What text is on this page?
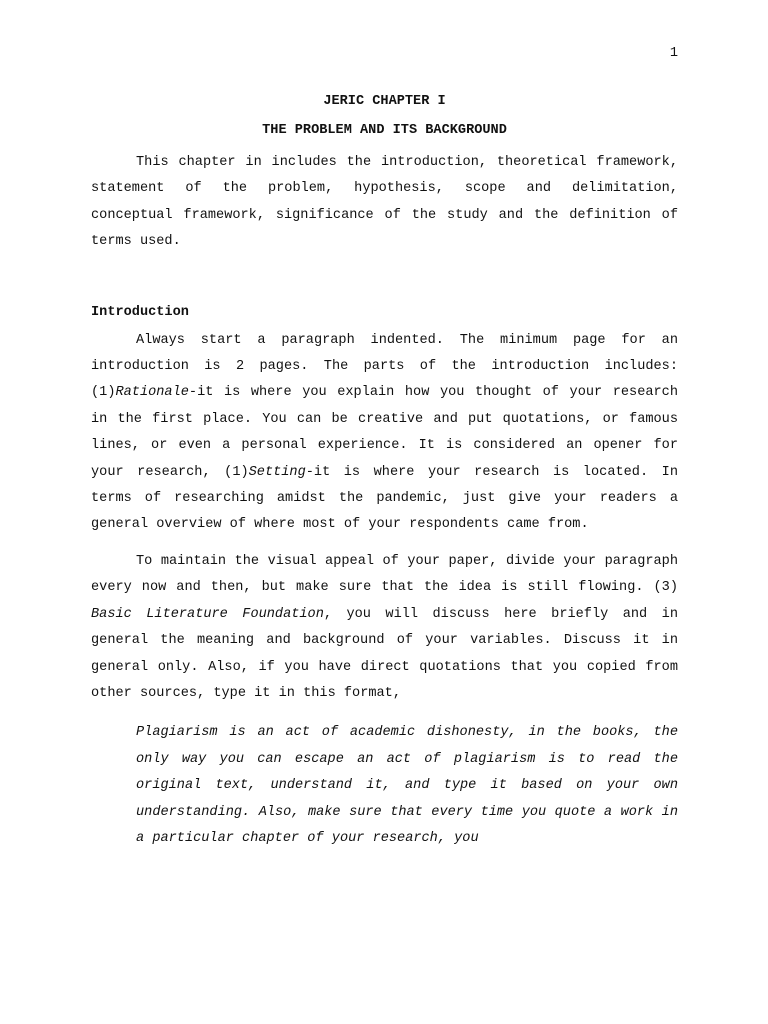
1

JERIC CHAPTER I

THE PROBLEM AND ITS BACKGROUND

This chapter in includes the introduction, theoretical framework, statement of the problem, hypothesis, scope and delimitation, conceptual framework, significance of the study and the definition of terms used.

Introduction

Always start a paragraph indented. The minimum page for an introduction is 2 pages. The parts of the introduction includes: (1)Rationale-it is where you explain how you thought of your research in the first place. You can be creative and put quotations, or famous lines, or even a personal experience. It is considered an opener for your research, (1)Setting-it is where your research is located. In terms of researching amidst the pandemic, just give your readers a general overview of where most of your respondents came from.

To maintain the visual appeal of your paper, divide your paragraph every now and then, but make sure that the idea is still flowing. (3) Basic Literature Foundation, you will discuss here briefly and in general the meaning and background of your variables. Discuss it in general only. Also, if you have direct quotations that you copied from other sources, type it in this format,

Plagiarism is an act of academic dishonesty, in the books, the only way you can escape an act of plagiarism is to read the original text, understand it, and type it based on your own understanding. Also, make sure that every time you quote a work in a particular chapter of your research, you
